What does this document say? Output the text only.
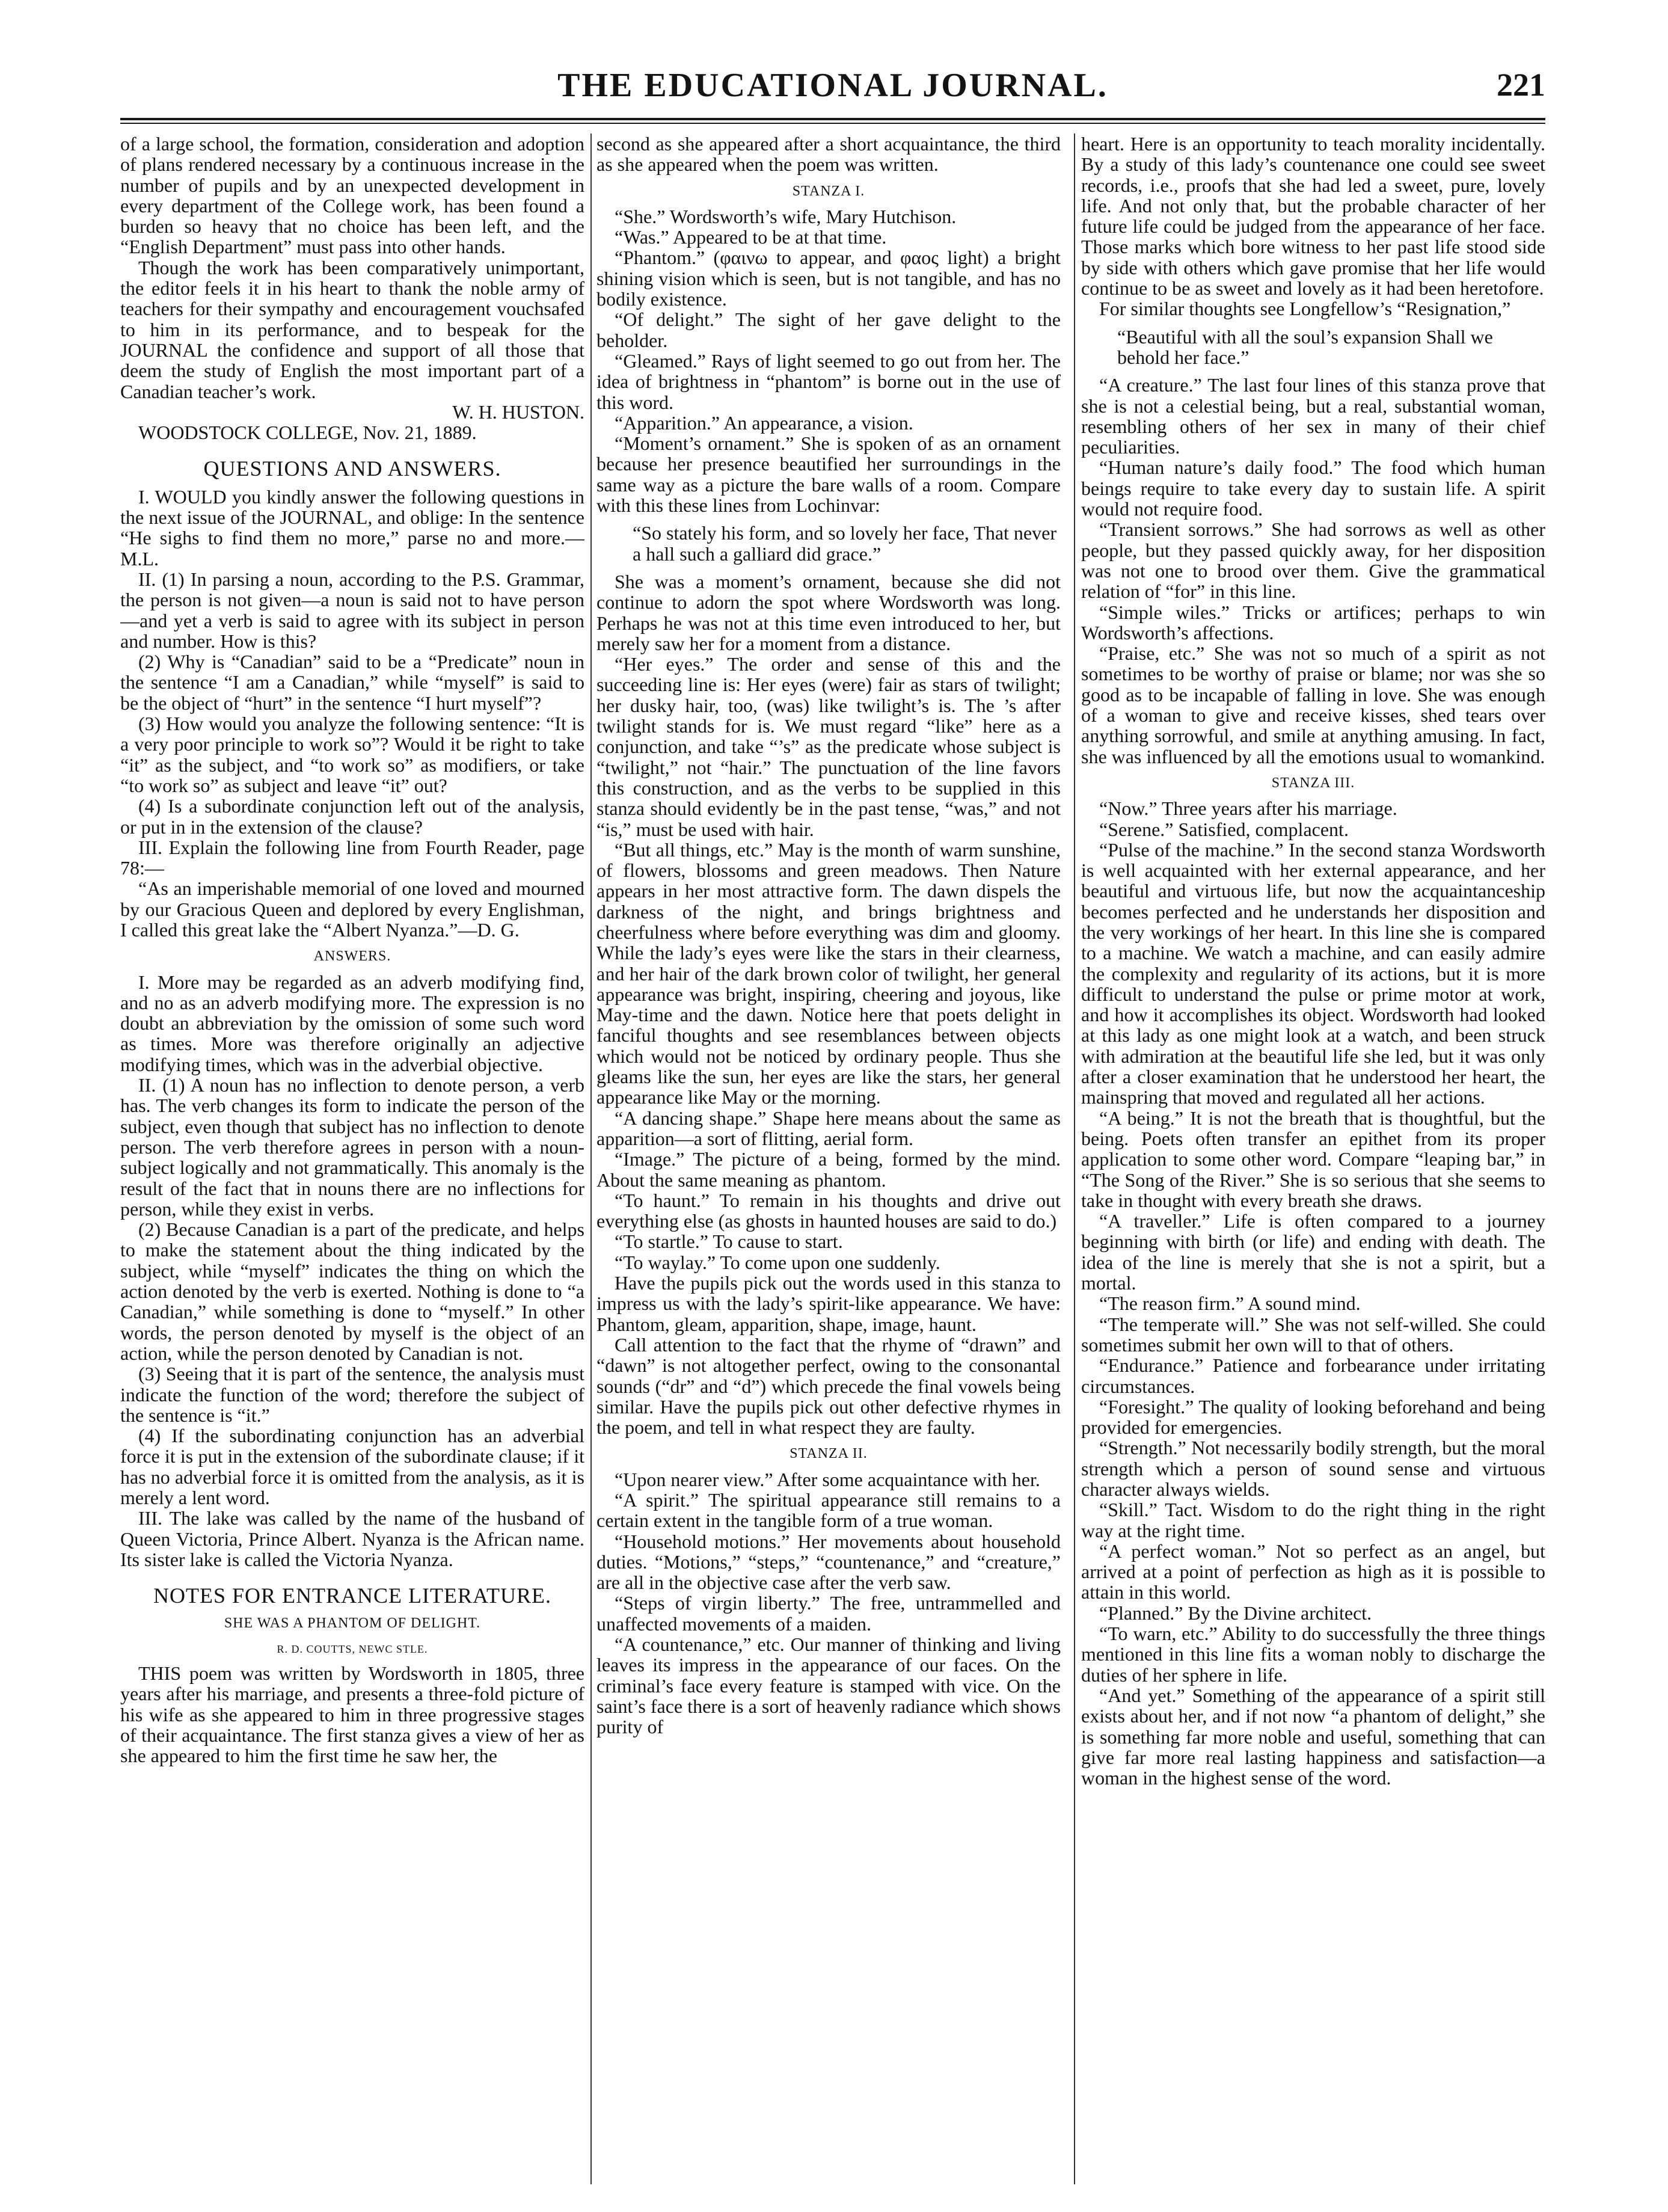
THE EDUCATIONAL JOURNAL.	221

of a large school, the formation, consideration and adoption of plans rendered necessary by a continuous increase in the number of pupils and by an unexpected development in every department of the College work, has been found a burden so heavy that no choice has been left, and the “English Department” must pass into other hands.

Though the work has been comparatively unimportant, the editor feels it in his heart to thank the noble army of teachers for their sympathy and encouragement vouchsafed to him in its performance, and to bespeak for the JOURNAL the confidence and support of all those that deem the study of English the most important part of a Canadian teacher’s work.

W. H. HUSTON.

WOODSTOCK COLLEGE, Nov. 21, 1889.

QUESTIONS AND ANSWERS.

I. WOULD you kindly answer the following questions in the next issue of the JOURNAL, and oblige: In the sentence “He sighs to find them no more,” parse no and more.—M.L.

II. (1) In parsing a noun, according to the P.S. Grammar, the person is not given—a noun is said not to have person—and yet a verb is said to agree with its subject in person and number. How is this?

(2) Why is “Canadian” said to be a “Predicate” noun in the sentence “I am a Canadian,” while “myself” is said to be the object of “hurt” in the sentence “I hurt myself”?

(3) How would you analyze the following sentence: “It is a very poor principle to work so”? Would it be right to take “it” as the subject, and “to work so” as modifiers, or take “to work so” as subject and leave “it” out?

(4) Is a subordinate conjunction left out of the analysis, or put in in the extension of the clause?

III. Explain the following line from Fourth Reader, page 78:—

“As an imperishable memorial of one loved and mourned by our Gracious Queen and deplored by every Englishman, I called this great lake the “Albert Nyanza.”—D. G.

ANSWERS.

I. More may be regarded as an adverb modifying find, and no as an adverb modifying more. The expression is no doubt an abbreviation by the omission of some such word as times. More was therefore originally an adjective modifying times, which was in the adverbial objective.

II. (1) A noun has no inflection to denote person, a verb has. The verb changes its form to indicate the person of the subject, even though that subject has no inflection to denote person. The verb therefore agrees in person with a noun-subject logically and not grammatically. This anomaly is the result of the fact that in nouns there are no inflections for person, while they exist in verbs.

(2) Because Canadian is a part of the predicate, and helps to make the statement about the thing indicated by the subject, while “myself” indicates the thing on which the action denoted by the verb is exerted. Nothing is done to “a Canadian,” while something is done to “myself.” In other words, the person denoted by myself is the object of an action, while the person denoted by Canadian is not.

(3) Seeing that it is part of the sentence, the analysis must indicate the function of the word; therefore the subject of the sentence is “it.”

(4) If the subordinating conjunction has an adverbial force it is put in the extension of the subordinate clause; if it has no adverbial force it is omitted from the analysis, as it is merely a lent word.

III. The lake was called by the name of the husband of Queen Victoria, Prince Albert. Nyanza is the African name. Its sister lake is called the Victoria Nyanza.

NOTES FOR ENTRANCE LITERATURE.
SHE WAS A PHANTOM OF DELIGHT.
R. D. COUTTS, NEWC STLE.

THIS poem was written by Wordsworth in 1805, three years after his marriage, and presents a three-fold picture of his wife as she appeared to him in three progressive stages of their acquaintance. The first stanza gives a view of her as she appeared to him the first time he saw her, the

second as she appeared after a short acquaintance, the third as she appeared when the poem was written.

STANZA I.

“She.” Wordsworth’s wife, Mary Hutchison.

“Was.” Appeared to be at that time.

“Phantom.” (φαινω to appear, and φαος light) a bright shining vision which is seen, but is not tangible, and has no bodily existence.

“Of delight.” The sight of her gave delight to the beholder.

“Gleamed.” Rays of light seemed to go out from her. The idea of brightness in “phantom” is borne out in the use of this word.

“Apparition.” An appearance, a vision.

“Moment’s ornament.” She is spoken of as an ornament because her presence beautified her surroundings in the same way as a picture the bare walls of a room. Compare with this these lines from Lochinvar:

“So stately his form, and so lovely her face, That never a hall such a galliard did grace.”

She was a moment’s ornament, because she did not continue to adorn the spot where Wordsworth was long. Perhaps he was not at this time even introduced to her, but merely saw her for a moment from a distance.

“Her eyes.” The order and sense of this and the succeeding line is: Her eyes (were) fair as stars of twilight; her dusky hair, too, (was) like twilight’s is. The ’s after twilight stands for is. We must regard “like” here as a conjunction, and take “’s” as the predicate whose subject is “twilight,” not “hair.” The punctuation of the line favors this construction, and as the verbs to be supplied in this stanza should evidently be in the past tense, “was,” and not “is,” must be used with hair.

“But all things, etc.” May is the month of warm sunshine, of flowers, blossoms and green meadows. Then Nature appears in her most attractive form. The dawn dispels the darkness of the night, and brings brightness and cheerfulness where before everything was dim and gloomy. While the lady’s eyes were like the stars in their clearness, and her hair of the dark brown color of twilight, her general appearance was bright, inspiring, cheering and joyous, like May-time and the dawn. Notice here that poets delight in fanciful thoughts and see resemblances between objects which would not be noticed by ordinary people. Thus she gleams like the sun, her eyes are like the stars, her general appearance like May or the morning.

“A dancing shape.” Shape here means about the same as apparition—a sort of flitting, aerial form.

“Image.” The picture of a being, formed by the mind. About the same meaning as phantom.

“To haunt.” To remain in his thoughts and drive out everything else (as ghosts in haunted houses are said to do.)

“To startle.” To cause to start.

“To waylay.” To come upon one suddenly.

Have the pupils pick out the words used in this stanza to impress us with the lady’s spirit-like appearance. We have: Phantom, gleam, apparition, shape, image, haunt.

Call attention to the fact that the rhyme of “drawn” and “dawn” is not altogether perfect, owing to the consonantal sounds (“dr” and “d”) which precede the final vowels being similar. Have the pupils pick out other defective rhymes in the poem, and tell in what respect they are faulty.

STANZA II.

“Upon nearer view.” After some acquaintance with her.

“A spirit.” The spiritual appearance still remains to a certain extent in the tangible form of a true woman.

“Household motions.” Her movements about household duties. “Motions,” “steps,” “countenance,” and “creature,” are all in the objective case after the verb saw.

“Steps of virgin liberty.” The free, untrammelled and unaffected movements of a maiden.

“A countenance,” etc. Our manner of thinking and living leaves its impress in the appearance of our faces. On the criminal’s face every feature is stamped with vice. On the saint’s face there is a sort of heavenly radiance which shows purity of

heart. Here is an opportunity to teach morality incidentally. By a study of this lady’s countenance one could see sweet records, i.e., proofs that she had led a sweet, pure, lovely life. And not only that, but the probable character of her future life could be judged from the appearance of her face. Those marks which bore witness to her past life stood side by side with others which gave promise that her life would continue to be as sweet and lovely as it had been heretofore.

For similar thoughts see Longfellow’s “Resignation,”

“Beautiful with all the soul’s expansion Shall we behold her face.”

“A creature.” The last four lines of this stanza prove that she is not a celestial being, but a real, substantial woman, resembling others of her sex in many of their chief peculiarities.

“Human nature’s daily food.” The food which human beings require to take every day to sustain life. A spirit would not require food.

“Transient sorrows.” She had sorrows as well as other people, but they passed quickly away, for her disposition was not one to brood over them. Give the grammatical relation of “for” in this line.

“Simple wiles.” Tricks or artifices; perhaps to win Wordsworth’s affections.

“Praise, etc.” She was not so much of a spirit as not sometimes to be worthy of praise or blame; nor was she so good as to be incapable of falling in love. She was enough of a woman to give and receive kisses, shed tears over anything sorrowful, and smile at anything amusing. In fact, she was influenced by all the emotions usual to womankind.

STANZA III.

“Now.” Three years after his marriage.

“Serene.” Satisfied, complacent.

“Pulse of the machine.” In the second stanza Wordsworth is well acquainted with her external appearance, and her beautiful and virtuous life, but now the acquaintanceship becomes perfected and he understands her disposition and the very workings of her heart. In this line she is compared to a machine. We watch a machine, and can easily admire the complexity and regularity of its actions, but it is more difficult to understand the pulse or prime motor at work, and how it accomplishes its object. Wordsworth had looked at this lady as one might look at a watch, and been struck with admiration at the beautiful life she led, but it was only after a closer examination that he understood her heart, the mainspring that moved and regulated all her actions.

“A being.” It is not the breath that is thoughtful, but the being. Poets often transfer an epithet from its proper application to some other word. Compare “leaping bar,” in “The Song of the River.” She is so serious that she seems to take in thought with every breath she draws.

“A traveller.” Life is often compared to a journey beginning with birth (or life) and ending with death. The idea of the line is merely that she is not a spirit, but a mortal.

“The reason firm.” A sound mind.

“The temperate will.” She was not self-willed. She could sometimes submit her own will to that of others.

“Endurance.” Patience and forbearance under irritating circumstances.

“Foresight.” The quality of looking beforehand and being provided for emergencies.

“Strength.” Not necessarily bodily strength, but the moral strength which a person of sound sense and virtuous character always wields.

“Skill.” Tact. Wisdom to do the right thing in the right way at the right time.

“A perfect woman.” Not so perfect as an angel, but arrived at a point of perfection as high as it is possible to attain in this world.

“Planned.” By the Divine architect.

“To warn, etc.” Ability to do successfully the three things mentioned in this line fits a woman nobly to discharge the duties of her sphere in life.

“And yet.” Something of the appearance of a spirit still exists about her, and if not now “a phantom of delight,” she is something far more noble and useful, something that can give far more real lasting happiness and satisfaction—a woman in the highest sense of the word.
